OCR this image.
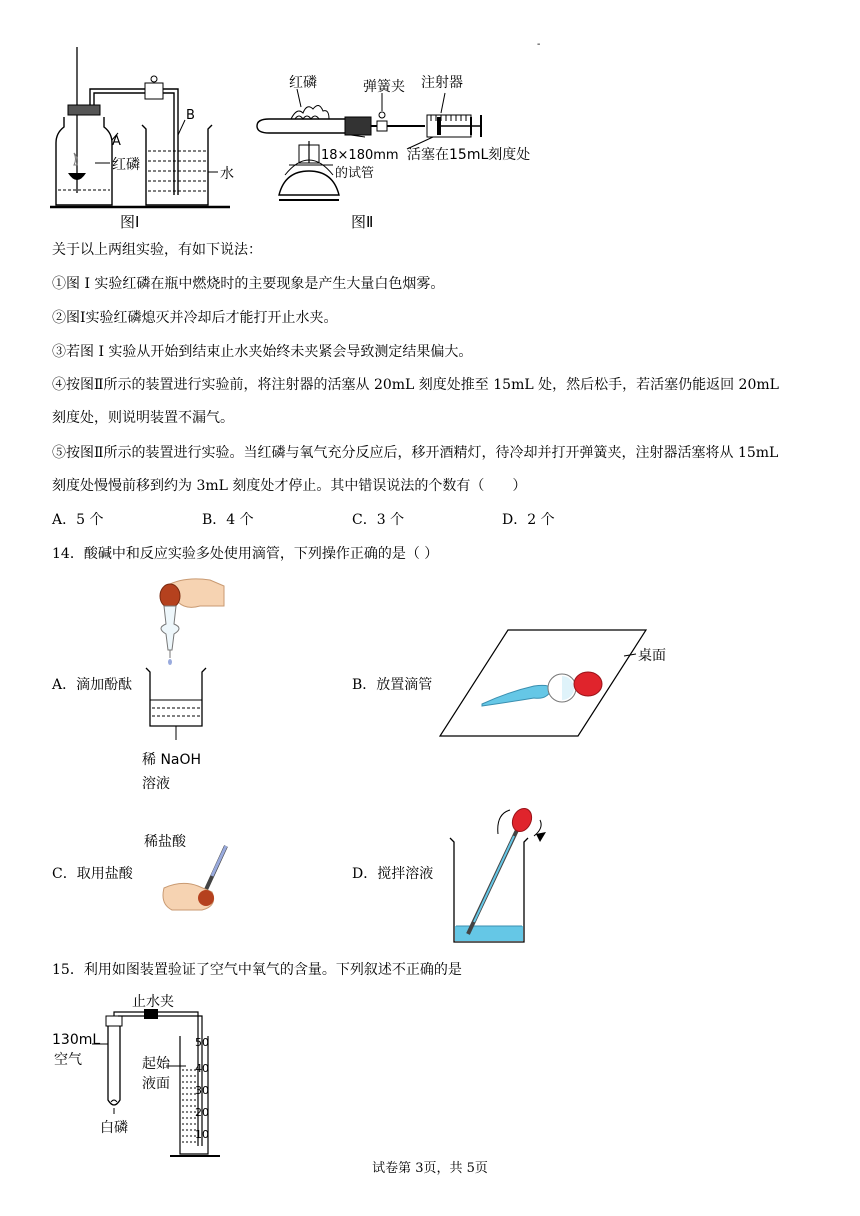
A
B
红磷
水
图Ⅰ
红磷	弹簧夹 注射器
活塞在15mL刻度处
18×180mm
的试管
图Ⅱ
-
关于以上两组实验，有如下说法：
①图 I 实验红磷在瓶中燃烧时的主要现象是产生大量白色烟雾。
②图I实验红磷熄灭并冷却后才能打开止水夹。
③若图 I 实验从开始到结束止水夹始终未夹紧会导致测定结果偏大。
④按图Ⅱ所示的装置进行实验前，将注射器的活塞从 20mL 刻度处推至 15mL 处，然后松手，若活塞仍能返回 20mL
刻度处，则说明装置不漏气。
⑤按图Ⅱ所示的装置进行实验。当红磷与氧气充分反应后，移开酒精灯，待冷却并打开弹簧夹，注射器活塞将从 15mL
刻度处慢慢前移到约为 3mL 刻度处才停止。其中错误说法的个数有（　　）
A．5 个	B．4 个	C．3 个	D．2 个
14．酸碱中和反应实验多处使用滴管，下列操作正确的是（ ）
A．滴加酚酞
稀 NaOH
溶液
B．放置滴管
桌面
C．取用盐酸
稀盐酸
D．搅拌溶液
15．利用如图装置验证了空气中氧气的含量。下列叙述不正确的是
130mL
空气
止水夹
起始
液面
白磷
50
40
30
20
10
试卷第 3页，共 5页
